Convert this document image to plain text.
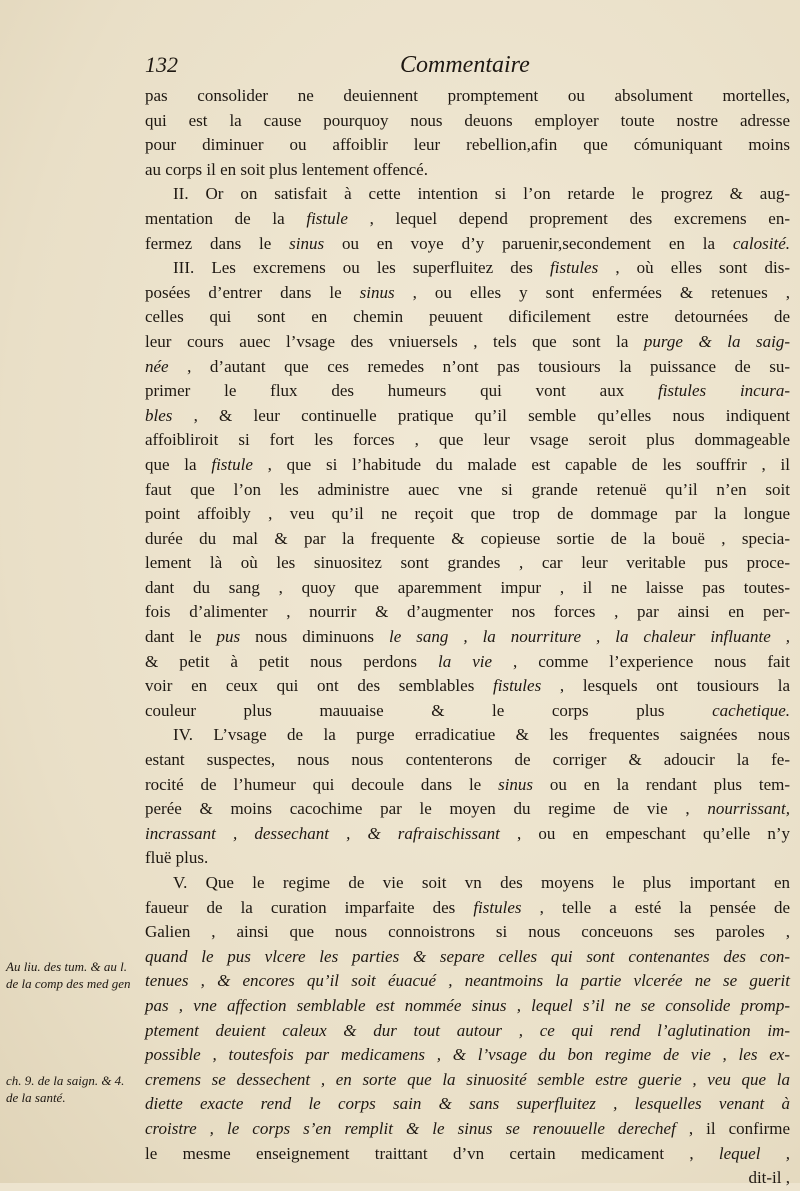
132	Commentaire
pas consolider ne deuiennent promptement ou absolument mortelles,
qui est la cause pourquoy nous deuons employer toute nostre adresse
pour diminuer ou affoiblir leur rebellion,afin que cómuniquant moins
au corps il en soit plus lentement offencé.
II. Or on satisfait à cette intention si l’on retarde le progrez & aug-
mentation de la fistule , lequel depend proprement des excremens en-
fermez dans le sinus ou en voye d’y paruenir,secondement en la calosité.
III. Les excremens ou les superfluitez des fistules , où elles sont dis-
posées d’entrer dans le sinus , ou elles y sont enfermées & retenues ,
celles qui sont en chemin peuuent dificilement estre detournées de
leur cours auec l’vsage des vniuersels , tels que sont la purge & la saig-
née , d’autant que ces remedes n’ont pas tousiours la puissance de su-
primer le flux des humeurs qui vont aux fistules incura-
bles , & leur continuelle pratique qu’il semble qu’elles nous indiquent
affoibliroit si fort les forces , que leur vsage seroit plus dommageable
que la fistule , que si l’habitude du malade est capable de les souffrir , il
faut que l’on les administre auec vne si grande retenuë qu’il n’en soit
point affoibly , veu qu’il ne reçoit que trop de dommage par la longue
durée du mal & par la frequente & copieuse sortie de la bouë , specia-
lement là où les sinuositez sont grandes , car leur veritable pus proce-
dant du sang , quoy que aparemment impur , il ne laisse pas toutes-
fois d’alimenter , nourrir & d’augmenter nos forces , par ainsi en per-
dant le pus nous diminuons le sang , la nourriture , la chaleur influante ,
& petit à petit nous perdons la vie , comme l’experience nous fait
voir en ceux qui ont des semblables fistules , lesquels ont tousiours la
couleur plus mauuaise & le corps plus cachetique.
IV. L’vsage de la purge erradicatiue & les frequentes saignées nous
estant suspectes, nous nous contenterons de corriger & adoucir la fe-
rocité de l’humeur qui decoule dans le sinus ou en la rendant plus tem-
perée & moins cacochime par le moyen du regime de vie , nourrissant,
incrassant , dessechant , & rafraischissant , ou en empeschant qu’elle n’y
fluë plus.
V. Que le regime de vie soit vn des moyens le plus important en
faueur de la curation imparfaite des fistules , telle a esté la pensée de
Galien , ainsi que nous connoistrons si nous conceuons ses paroles ,
quand le pus vlcere les parties & separe celles qui sont contenantes des con-
tenues , & encores qu’il soit éuacué , neantmoins la partie vlcerée ne se guerit
pas , vne affection semblable est nommée sinus , lequel s’il ne se consolide promp-
ptement deuient caleux & dur tout autour , ce qui rend l’aglutination im-
possible , toutesfois par medicamens , & l’vsage du bon regime de vie , les ex-
cremens se dessechent , en sorte que la sinuosité semble estre guerie , veu que la
diette exacte rend le corps sain & sans superfluitez , lesquelles venant à
croistre , le corps s’en remplit & le sinus se renouuelle derechef , il confirme
le mesme enseignement traittant d’vn certain medicament , lequel ,
dit-il ,
Au liu. des tum. & au l. de la comp des med gen
ch. 9. de la saign. & 4. de la santé.
